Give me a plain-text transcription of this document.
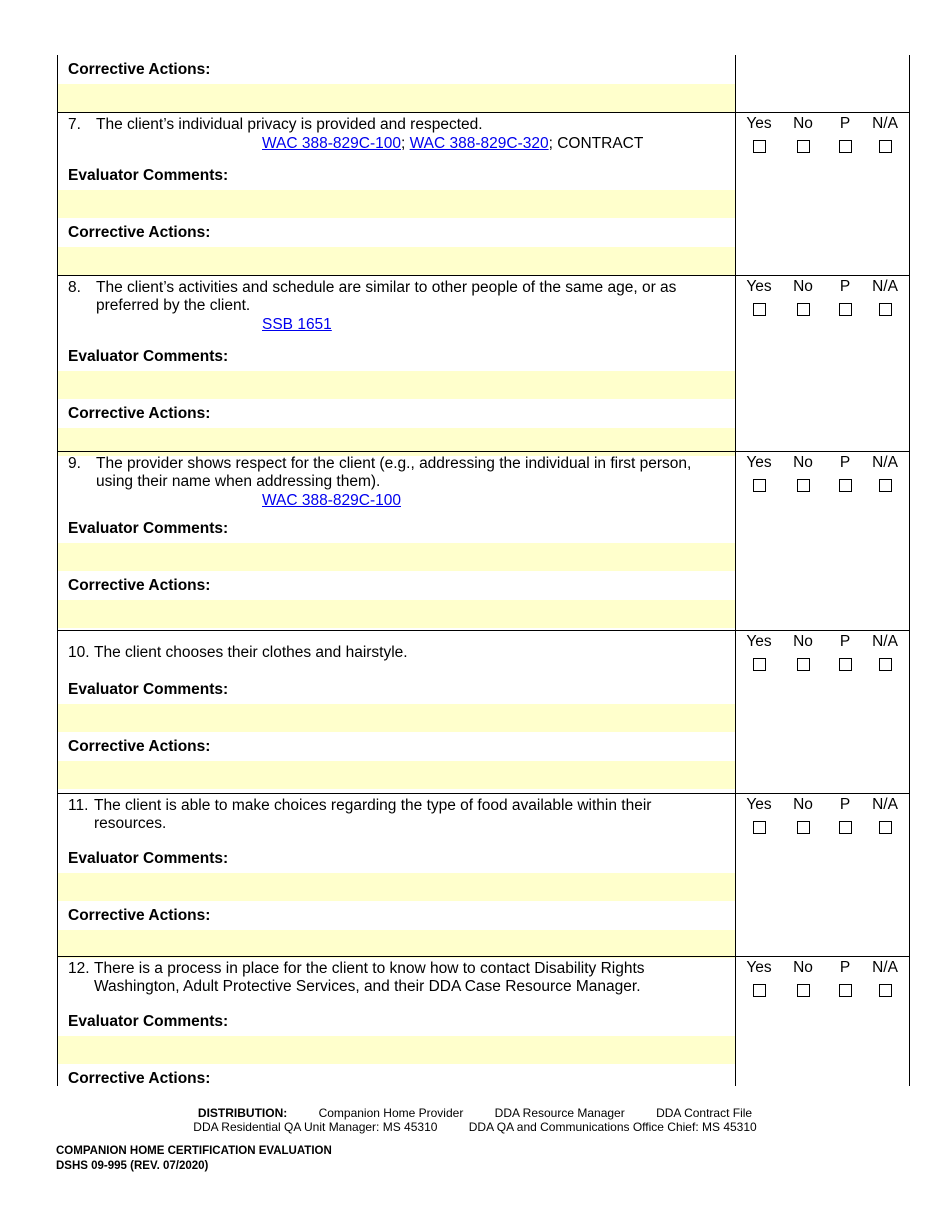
Corrective Actions:
7. The client’s individual privacy is provided and respected.
WAC 388-829C-100; WAC 388-829C-320; CONTRACT
Evaluator Comments:
Corrective Actions:
Yes	No	P	N/A
8. The client’s activities and schedule are similar to other people of the same age, or as preferred by the client.
SSB 1651
Evaluator Comments:
Corrective Actions:
Yes	No	P	N/A
9. The provider shows respect for the client (e.g., addressing the individual in first person, using their name when addressing them).
WAC 388-829C-100
Evaluator Comments:
Corrective Actions:
Yes	No	P	N/A
10. The client chooses their clothes and hairstyle.
Evaluator Comments:
Corrective Actions:
Yes	No	P	N/A
11. The client is able to make choices regarding the type of food available within their resources.
Evaluator Comments:
Corrective Actions:
Yes	No	P	N/A
12. There is a process in place for the client to know how to contact Disability Rights Washington, Adult Protective Services, and their DDA Case Resource Manager.
Evaluator Comments:
Corrective Actions:
Yes	No	P	N/A
DISTRIBUTION:	Companion Home Provider	DDA Resource Manager	DDA Contract File
DDA Residential QA Unit Manager: MS 45310	DDA QA and Communications Office Chief: MS 45310
COMPANION HOME CERTIFICATION EVALUATION
DSHS 09-995 (REV. 07/2020)
